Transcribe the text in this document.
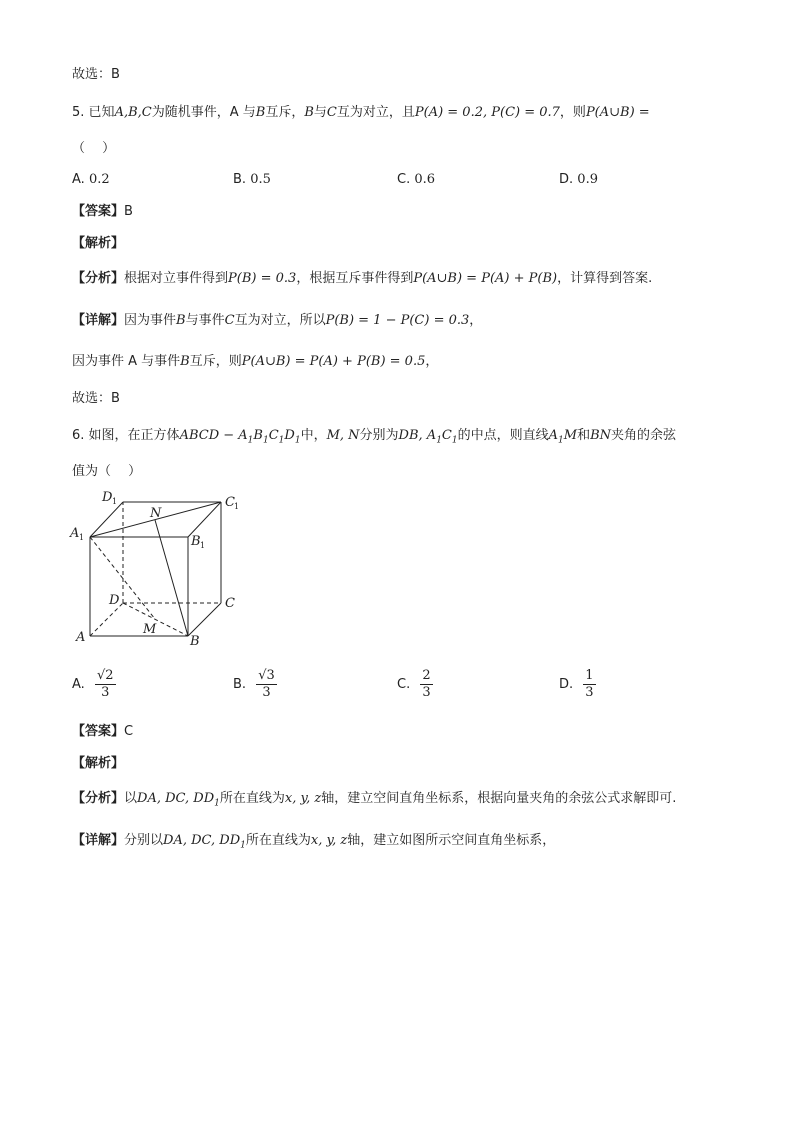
故选：B
5. 已知A,B,C为随机事件，A 与B互斥，B与C互为对立，且P(A) = 0.2, P(C) = 0.7，则P(A∪B) =
（　 ）
A. 0.2	B. 0.5	C. 0.6	D. 0.9
【答案】B
【解析】
【分析】根据对立事件得到P(B) = 0.3，根据互斥事件得到P(A∪B) = P(A) + P(B)，计算得到答案.
【详解】因为事件B与事件C互为对立，所以P(B) = 1 − P(C) = 0.3，
因为事件 A 与事件B互斥，则P(A∪B) = P(A) + P(B) = 0.5，
故选：B
6. 如图，在正方体ABCD − $A_1B_1C_1D_1$中，M, N分别为DB, $A_1C_1$的中点，则直线$A_1M$和BN夹角的余弦
值为（　 ）
D 1	C 1
A 1	B 1
N
D	C
A	B
M
A. $\frac{√2}{3}$	B. $\frac{√3}{3}$	C. $\frac{2}{3}$	D. $\frac{1}{3}$
【答案】C
【解析】
【分析】以DA, DC, $DD_1$所在直线为x, y, z轴，建立空间直角坐标系，根据向量夹角的余弦公式求解即可.
【详解】分别以DA, DC, $DD_1$所在直线为x, y, z轴，建立如图所示空间直角坐标系，
